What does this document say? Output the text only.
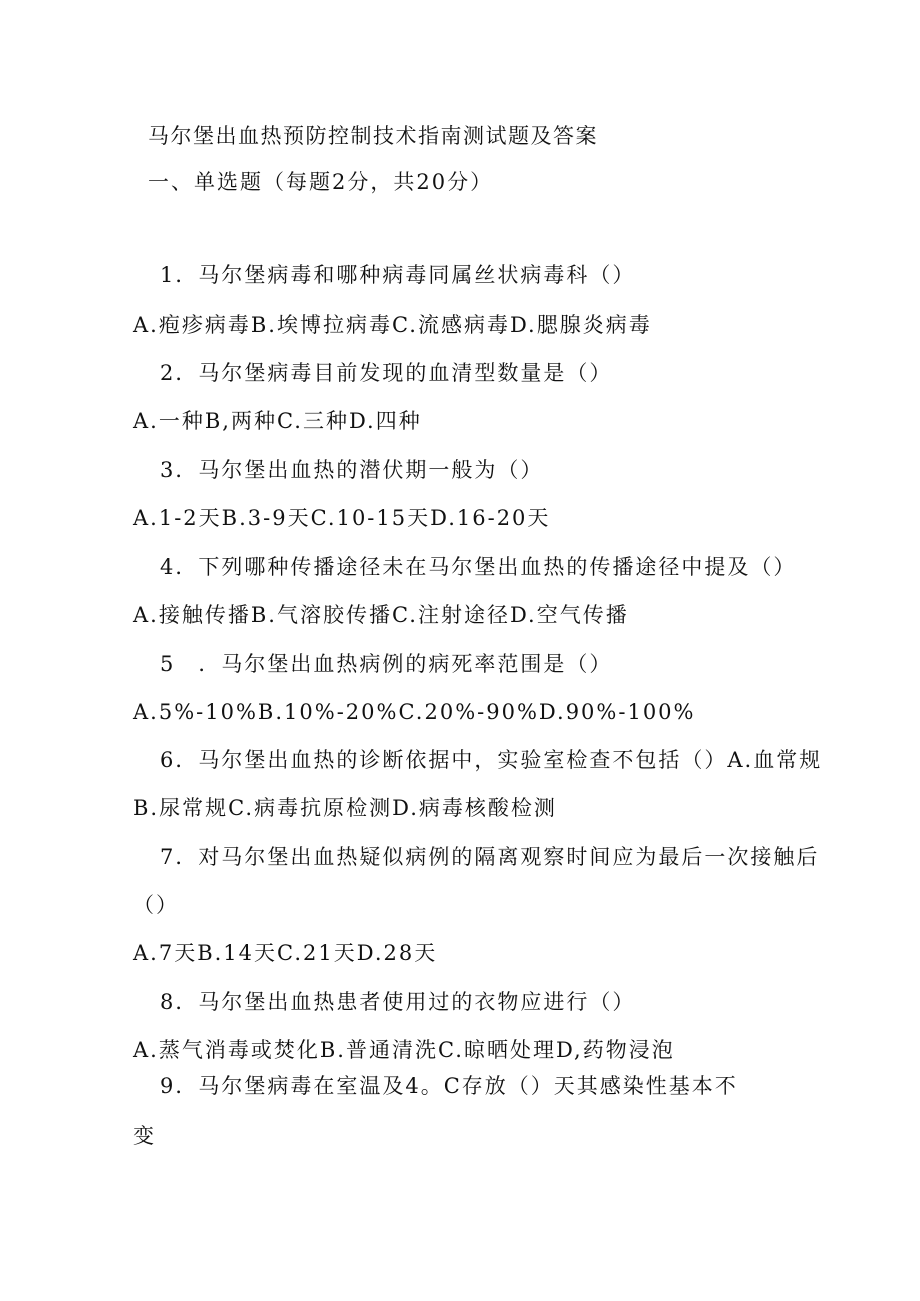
马尔堡出血热预防控制技术指南测试题及答案
一、单选题（每题2分，共20分）
1．马尔堡病毒和哪种病毒同属丝状病毒科（）
A.疱疹病毒B.埃博拉病毒C.流感病毒D.腮腺炎病毒
2．马尔堡病毒目前发现的血清型数量是（）
A.一种B,两种C.三种D.四种
3．马尔堡出血热的潜伏期一般为（）
A.1-2天B.3-9天C.10-15天D.16-20天
4．下列哪种传播途径未在马尔堡出血热的传播途径中提及（）
A.接触传播B.气溶胶传播C.注射途径D.空气传播
5　．马尔堡出血热病例的病死率范围是（）
A.5%-10%B.10%-20%C.20%-90%D.90%-100%
6．马尔堡出血热的诊断依据中，实验室检查不包括（）A.血常规
B.尿常规C.病毒抗原检测D.病毒核酸检测
7．对马尔堡出血热疑似病例的隔离观察时间应为最后一次接触后
（）
A.7天B.14天C.21天D.28天
8．马尔堡出血热患者使用过的衣物应进行（）
A.蒸气消毒或焚化B.普通清洗C.晾晒处理D,药物浸泡
9．马尔堡病毒在室温及4。C存放（）天其感染性基本不
变
